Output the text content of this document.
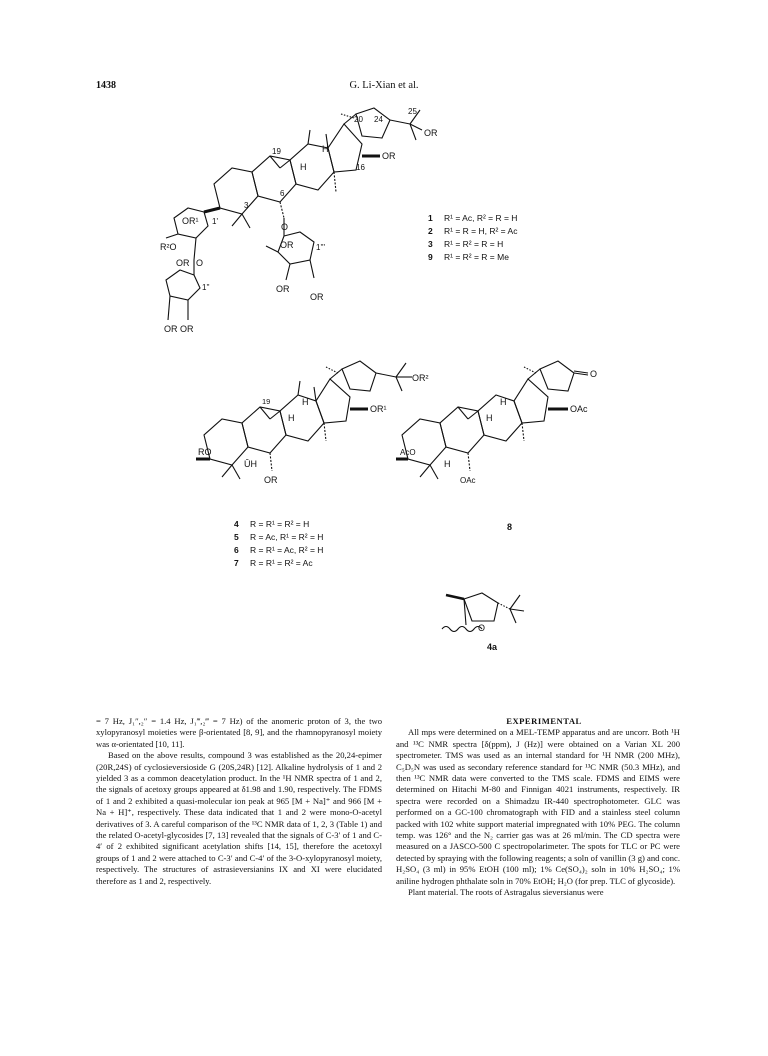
1438	G. Li-Xian et al.
20 24
25
OR
OR
19
16
H
H
3
6
O
OR¹ 1'
R²O
OR O
1''
OR OR
OR	1'''
OR
OR
1 R¹ = Ac, R² = R = H
2 R¹ = R = H, R² = Ac
3 R¹ = R² = R = H
9 R¹ = R² = R = Me
OR²
OR¹
19	H
H
RO
ŪH
OR
4 R = R¹ = R² = H
5 R = Ac, R¹ = R² = H
6 R = R¹ = Ac, R² = H
7 R = R¹ = R² = Ac
O
OAc
H
H
AcO
H
OAc
8
O
4a

= 7 Hz, J₁″,₂″ = 1.4 Hz, J₁‴,₂‴ = 7 Hz) of the anomeric proton of 3, the two xylopyranosyl moieties were β-orientated [8, 9], and the rhamnopyranosyl moiety was α-orientated [10, 11].

Based on the above results, compound 3 was established as the 20,24-epimer (20R,24S) of cyclosieversioside G (20S,24R) [12]. Alkaline hydrolysis of 1 and 2 yielded 3 as a common deacetylation product. In the ¹H NMR spectra of 1 and 2, the signals of acetoxy groups appeared at δ1.98 and 1.90, respectively. The FDMS of 1 and 2 exhibited a quasi-molecular ion peak at 965 [M + Na]⁺ and 966 [M + Na + H]⁺, respectively. These data indicated that 1 and 2 were mono-O-acetyl derivatives of 3. A careful comparison of the ¹³C NMR data of 1, 2, 3 (Table 1) and the related O-acetyl-glycosides [7, 13] revealed that the signals of C-3′ of 1 and C-4′ of 2 exhibited significant acetylation shifts [14, 15], therefore the acetoxyl groups of 1 and 2 were attached to C-3′ and C-4′ of the 3-O-xylopyranosyl moiety, respectively. The structures of astrasieversianins IX and XI were elucidated therefore as 1 and 2, respectively.

EXPERIMENTAL

All mps were determined on a MEL-TEMP apparatus and are uncorr. Both ¹H and ¹³C NMR spectra [δ(ppm), J (Hz)] were obtained on a Varian XL 200 spectrometer. TMS was used as an internal standard for ¹H NMR (200 MHz), C₅D₅N was used as secondary reference standard for ¹³C NMR (50.3 MHz), and then ¹³C NMR data were converted to the TMS scale. FDMS and EIMS were determined on Hitachi M-80 and Finnigan 4021 instruments, respectively. IR spectra were recorded on a Shimadzu IR-440 spectrophotometer. GLC was performed on a GC-100 chromatograph with FID and a stainless steel column packed with 102 white support material impregnated with 10% PEG. The column temp. was 126° and the N₂ carrier gas was at 26 ml/min. The CD spectra were measured on a JASCO-500 C spectropolarimeter. The spots for TLC or PC were detected by spraying with the following reagents; a soln of vanillin (3 g) and conc. H₂SO₄ (3 ml) in 95% EtOH (100 ml); 1% Ce(SO₄)₂ soln in 10% H₂SO₄; 1% aniline hydrogen phthalate soln in 70% EtOH; H₂O (for prep. TLC of glycoside).

Plant material. The roots of Astragalus sieversianus were
